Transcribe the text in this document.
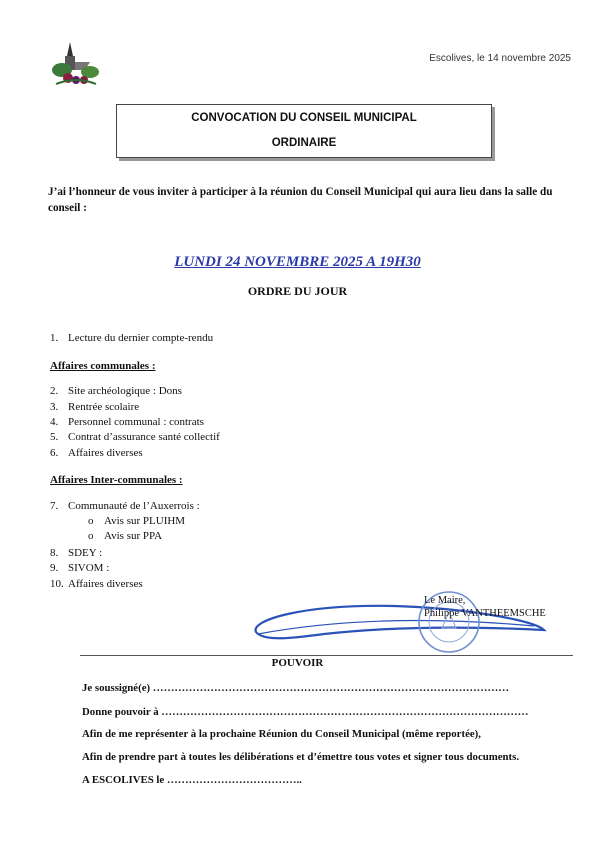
Escolives, le 14 novembre 2025
CONVOCATION DU CONSEIL MUNICIPAL
ORDINAIRE
J’ai l’honneur de vous inviter à participer à la réunion du Conseil Municipal qui aura lieu dans la salle du conseil :
LUNDI 24 NOVEMBRE 2025 A 19H30
ORDRE DU JOUR
1. Lecture du dernier compte-rendu
Affaires communales :
2. Site archéologique : Dons
3. Rentrée scolaire
4. Personnel communal : contrats
5. Contrat d’assurance santé collectif
6. Affaires diverses
Affaires Inter-communales :
7. Communauté de l’Auxerrois :
o Avis sur PLUIHM
o Avis sur PPA
8. SDEY :
9. SIVOM :
10. Affaires diverses
Le Maire,
Philippe VANTHEEMSCHE
POUVOIR
Je soussigné(e) ………………………………………………………………………………………
Donne pouvoir à …………………………………………………………………………………………
Afin de me représenter à la prochaine Réunion du Conseil Municipal (même reportée),
Afin de prendre part à toutes les délibérations et d’émettre tous votes et signer tous documents.
A ESCOLIVES le ………………………………..
